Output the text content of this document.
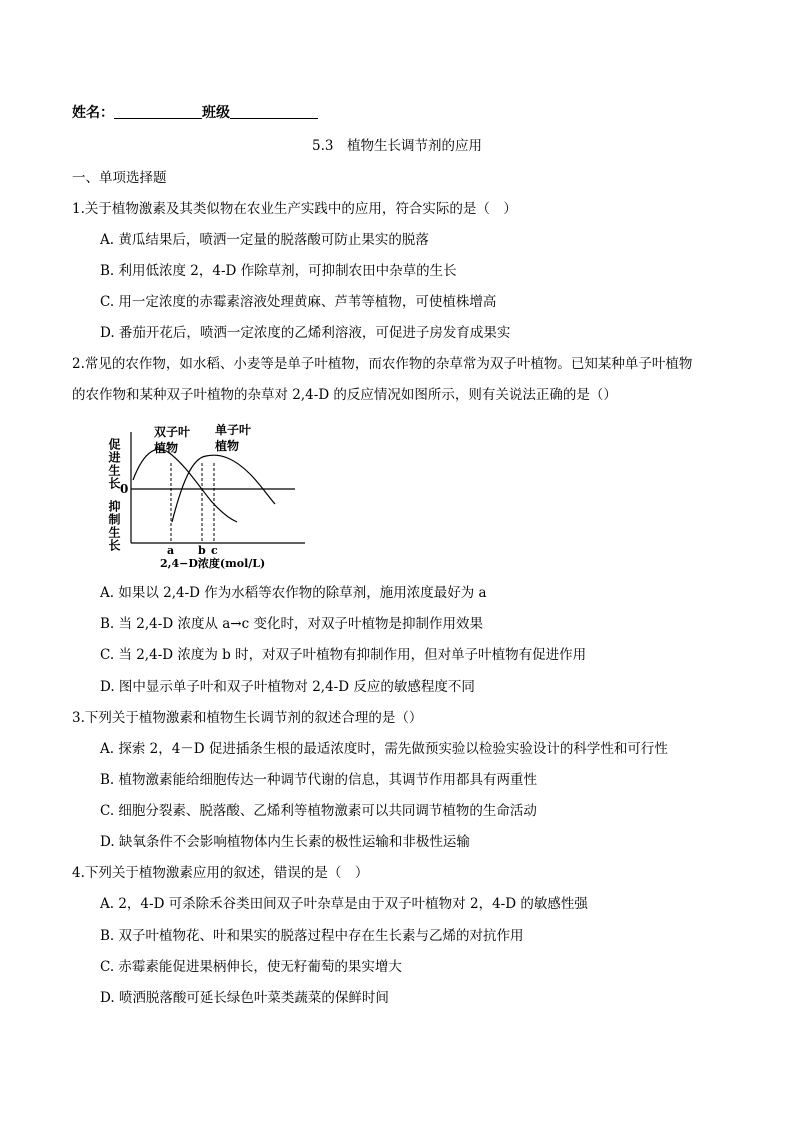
姓名：	班级
5.3　植物生长调节剂的应用
一、单项选择题
1.关于植物激素及其类似物在农业生产实践中的应用，符合实际的是（　）
A. 黄瓜结果后，喷洒一定量的脱落酸可防止果实的脱落
B. 利用低浓度 2，4-D 作除草剂，可抑制农田中杂草的生长
C. 用一定浓度的赤霉素溶液处理黄麻、芦苇等植物，可使植株增高
D. 番茄开花后，喷洒一定浓度的乙烯利溶液，可促进子房发育成果实
2.常见的农作物，如水稻、小麦等是单子叶植物，而农作物的杂草常为双子叶植物。已知某种单子叶植物
的农作物和某种双子叶植物的杂草对 2,4-D 的反应情况如图所示，则有关说法正确的是（）
促进生长
抑制生长
0
双子叶
植物
单子叶
植物
a b c
2,4−D浓度(mol/L)
A. 如果以 2,4-D 作为水稻等农作物的除草剂，施用浓度最好为 a
B. 当 2,4-D 浓度从 a→c 变化时，对双子叶植物是抑制作用效果
C. 当 2,4-D 浓度为 b 时，对双子叶植物有抑制作用，但对单子叶植物有促进作用
D. 图中显示单子叶和双子叶植物对 2,4-D 反应的敏感程度不同
3.下列关于植物激素和植物生长调节剂的叙述合理的是（）
A. 探索 2，4－D 促进插条生根的最适浓度时，需先做预实验以检验实验设计的科学性和可行性
B. 植物激素能给细胞传达一种调节代谢的信息，其调节作用都具有两重性
C. 细胞分裂素、脱落酸、乙烯利等植物激素可以共同调节植物的生命活动
D. 缺氧条件不会影响植物体内生长素的极性运输和非极性运输
4.下列关于植物激素应用的叙述，错误的是（　）
A. 2，4-D 可杀除禾谷类田间双子叶杂草是由于双子叶植物对 2，4-D 的敏感性强
B. 双子叶植物花、叶和果实的脱落过程中存在生长素与乙烯的对抗作用
C. 赤霉素能促进果柄伸长，使无籽葡萄的果实增大
D. 喷洒脱落酸可延长绿色叶菜类蔬菜的保鲜时间
